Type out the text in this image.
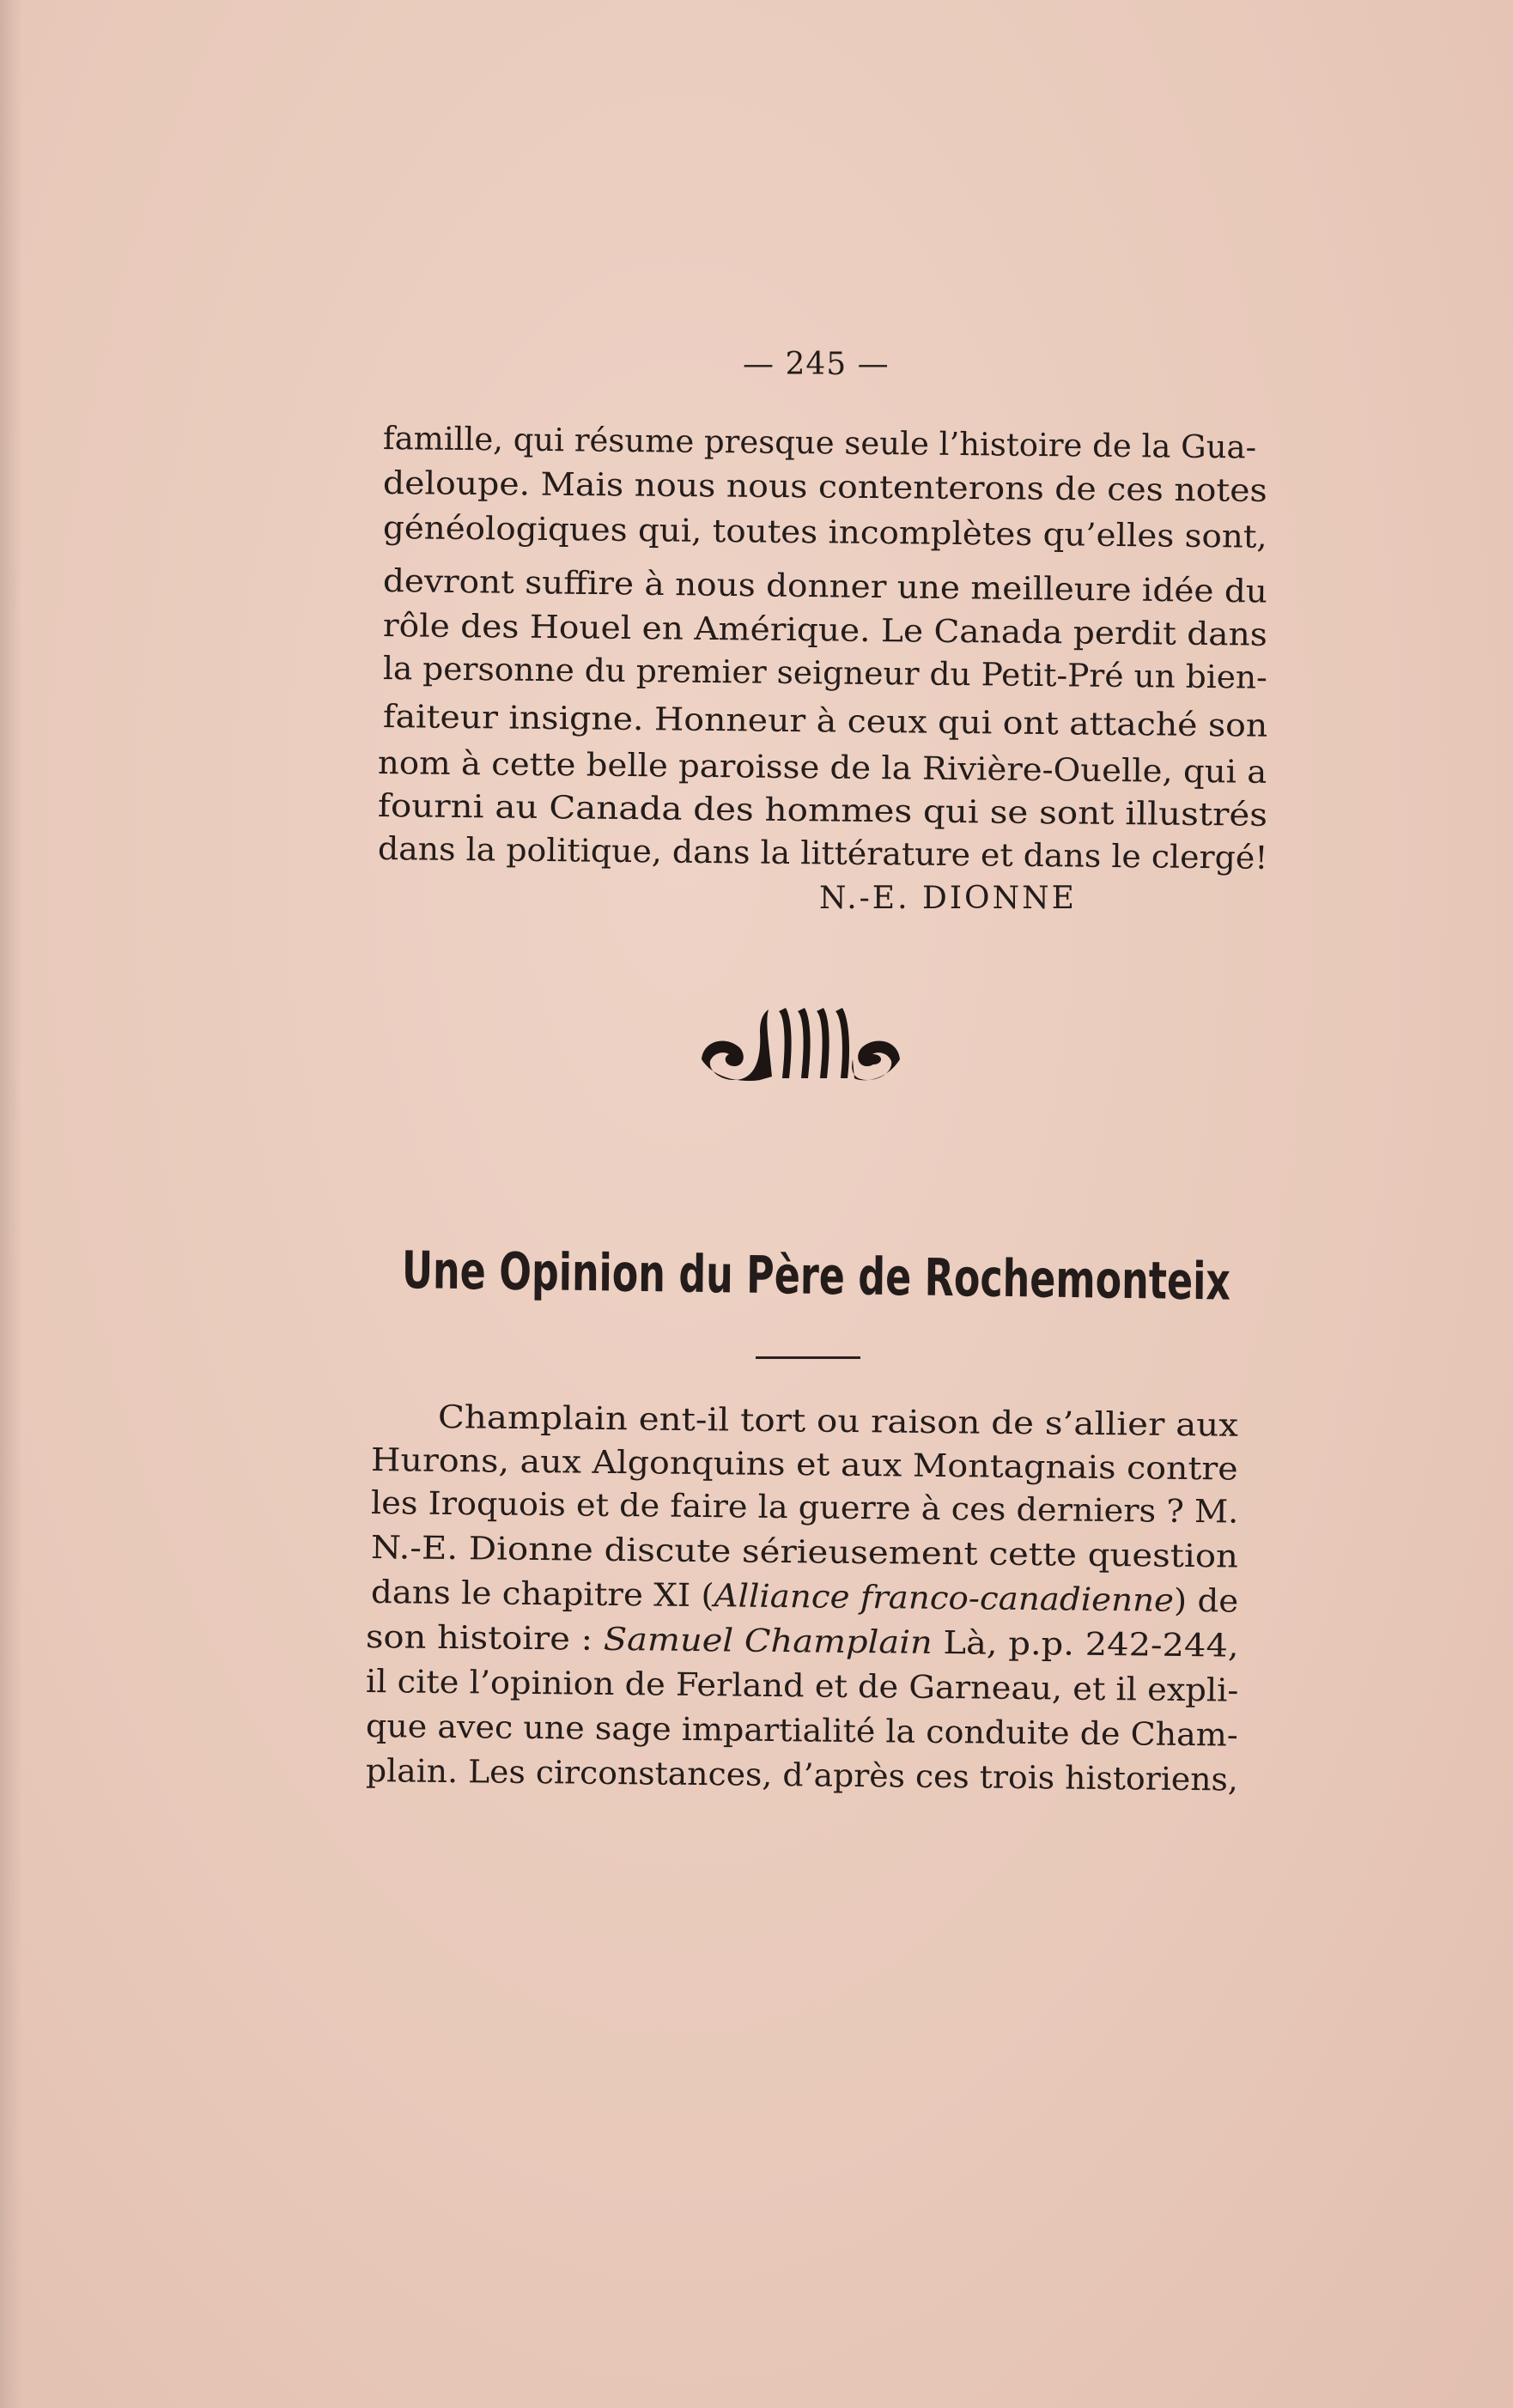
— 245 —
famille, qui résume presque seule l’histoire de la Gua-
deloupe. Mais nous nous contenterons de ces notes
généologiques qui, toutes incomplètes qu’elles sont,
devront suffire à nous donner une meilleure idée du
rôle des Houel en Amérique. Le Canada perdit dans
la personne du premier seigneur du Petit-Pré un bien-
faiteur insigne. Honneur à ceux qui ont attaché son
nom à cette belle paroisse de la Rivière-Ouelle, qui a
fourni au Canada des hommes qui se sont illustrés
dans la politique, dans la littérature et dans le clergé!
N.-E. DIONNE
Une Opinion du Père de Rochemonteix
Champlain ent-il tort ou raison de s’allier aux
Hurons, aux Algonquins et aux Montagnais contre
les Iroquois et de faire la guerre à ces derniers ? M.
N.-E. Dionne discute sérieusement cette question
dans le chapitre XI (Alliance franco-canadienne) de
son histoire : Samuel Champlain Là, p.p. 242-244,
il cite l’opinion de Ferland et de Garneau, et il expli-
que avec une sage impartialité la conduite de Cham-
plain. Les circonstances, d’après ces trois historiens,
